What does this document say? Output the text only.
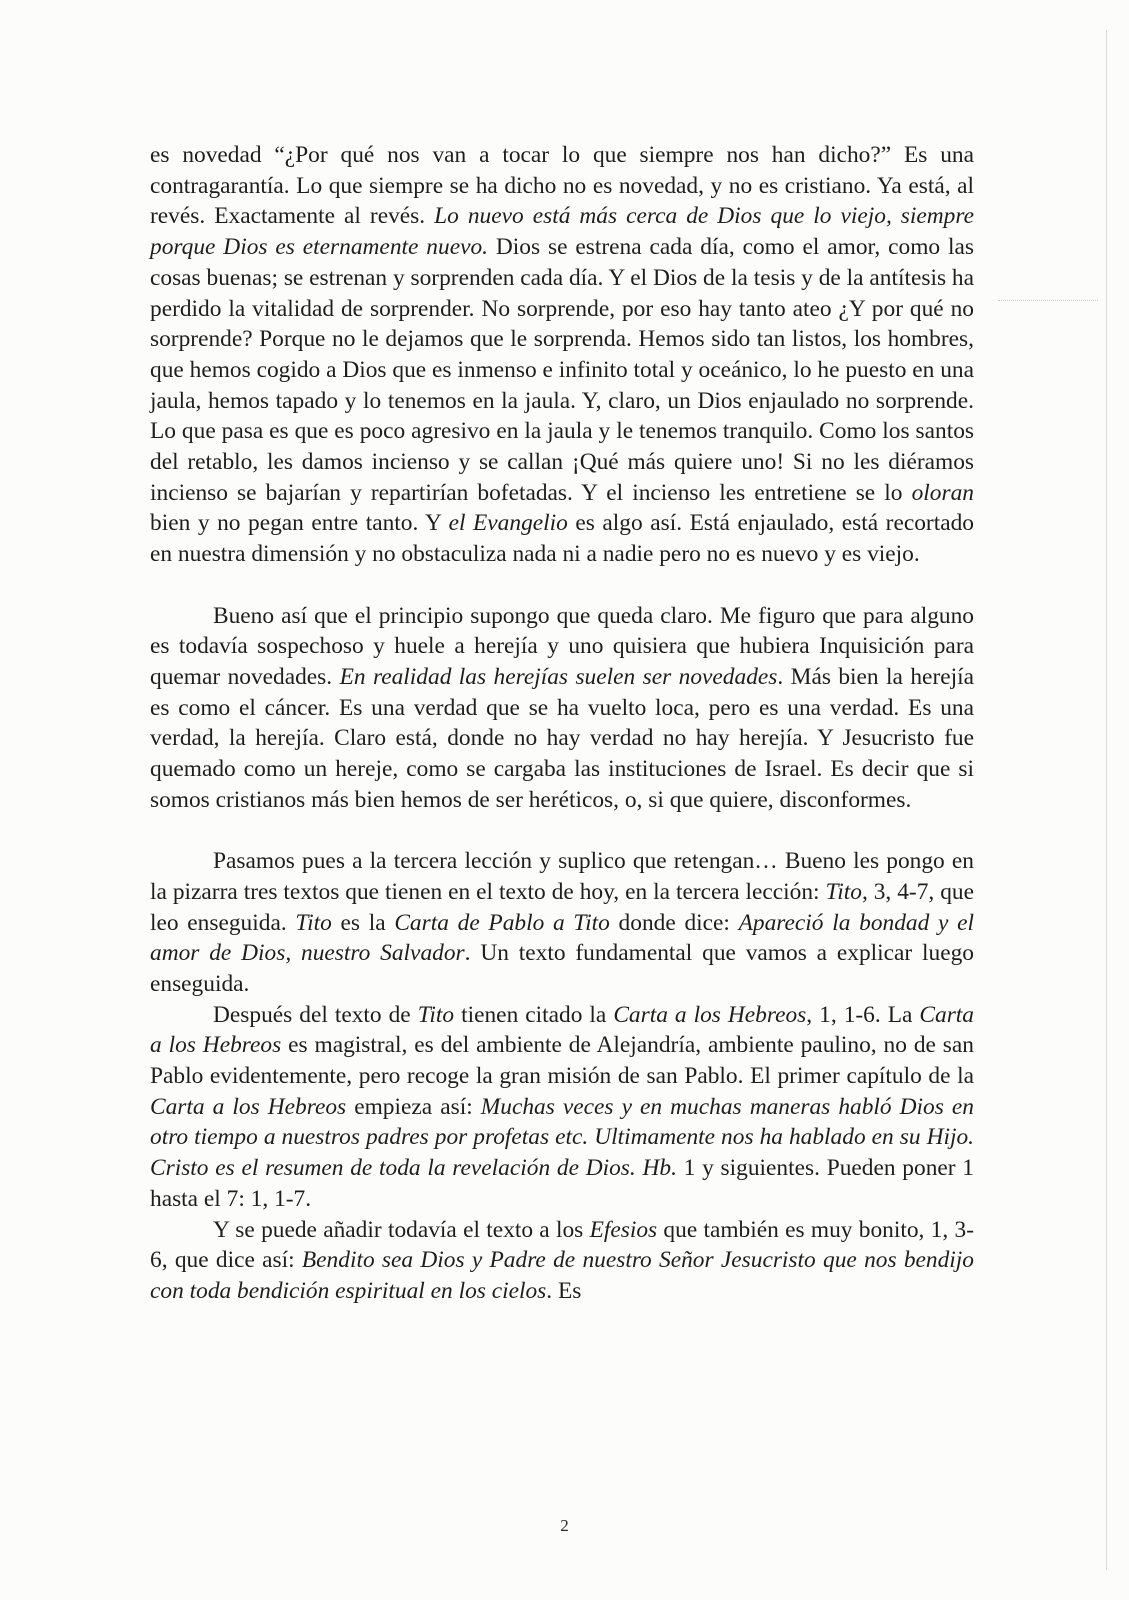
es novedad “¿Por qué nos van a tocar lo que siempre nos han dicho?” Es una contragarantía. Lo que siempre se ha dicho no es novedad, y no es cristiano. Ya está, al revés. Exactamente al revés. Lo nuevo está más cerca de Dios que lo viejo, siempre porque Dios es eternamente nuevo. Dios se estrena cada día, como el amor, como las cosas buenas; se estrenan y sorprenden cada día. Y el Dios de la tesis y de la antítesis ha perdido la vitalidad de sorprender. No sorprende, por eso hay tanto ateo ¿Y por qué no sorprende? Porque no le dejamos que le sorprenda. Hemos sido tan listos, los hombres, que hemos cogido a Dios que es inmenso e infinito total y oceánico, lo he puesto en una jaula, hemos tapado y lo tenemos en la jaula. Y, claro, un Dios enjaulado no sorprende. Lo que pasa es que es poco agresivo en la jaula y le tenemos tranquilo. Como los santos del retablo, les damos incienso y se callan ¡Qué más quiere uno! Si no les diéramos incienso se bajarían y repartirían bofetadas. Y el incienso les entretiene se lo oloran bien y no pegan entre tanto. Y el Evangelio es algo así. Está enjaulado, está recortado en nuestra dimensión y no obstaculiza nada ni a nadie pero no es nuevo y es viejo.

Bueno así que el principio supongo que queda claro. Me figuro que para alguno es todavía sospechoso y huele a herejía y uno quisiera que hubiera Inquisición para quemar novedades. En realidad las herejías suelen ser novedades. Más bien la herejía es como el cáncer. Es una verdad que se ha vuelto loca, pero es una verdad. Es una verdad, la herejía. Claro está, donde no hay verdad no hay herejía. Y Jesucristo fue quemado como un hereje, como se cargaba las instituciones de Israel. Es decir que si somos cristianos más bien hemos de ser heréticos, o, si que quiere, disconformes.

Pasamos pues a la tercera lección y suplico que retengan… Bueno les pongo en la pizarra tres textos que tienen en el texto de hoy, en la tercera lección: Tito, 3, 4-7, que leo enseguida. Tito es la Carta de Pablo a Tito donde dice: Apareció la bondad y el amor de Dios, nuestro Salvador. Un texto fundamental que vamos a explicar luego enseguida.

Después del texto de Tito tienen citado la Carta a los Hebreos, 1, 1-6. La Carta a los Hebreos es magistral, es del ambiente de Alejandría, ambiente paulino, no de san Pablo evidentemente, pero recoge la gran misión de san Pablo. El primer capítulo de la Carta a los Hebreos empieza así: Muchas veces y en muchas maneras habló Dios en otro tiempo a nuestros padres por profetas etc. Ultimamente nos ha hablado en su Hijo. Cristo es el resumen de toda la revelación de Dios. Hb. 1 y siguientes. Pueden poner 1 hasta el 7: 1, 1-7.

Y se puede añadir todavía el texto a los Efesios que también es muy bonito, 1, 3-6, que dice así: Bendito sea Dios y Padre de nuestro Señor Jesucristo que nos bendijo con toda bendición espiritual en los cielos. Es

2
